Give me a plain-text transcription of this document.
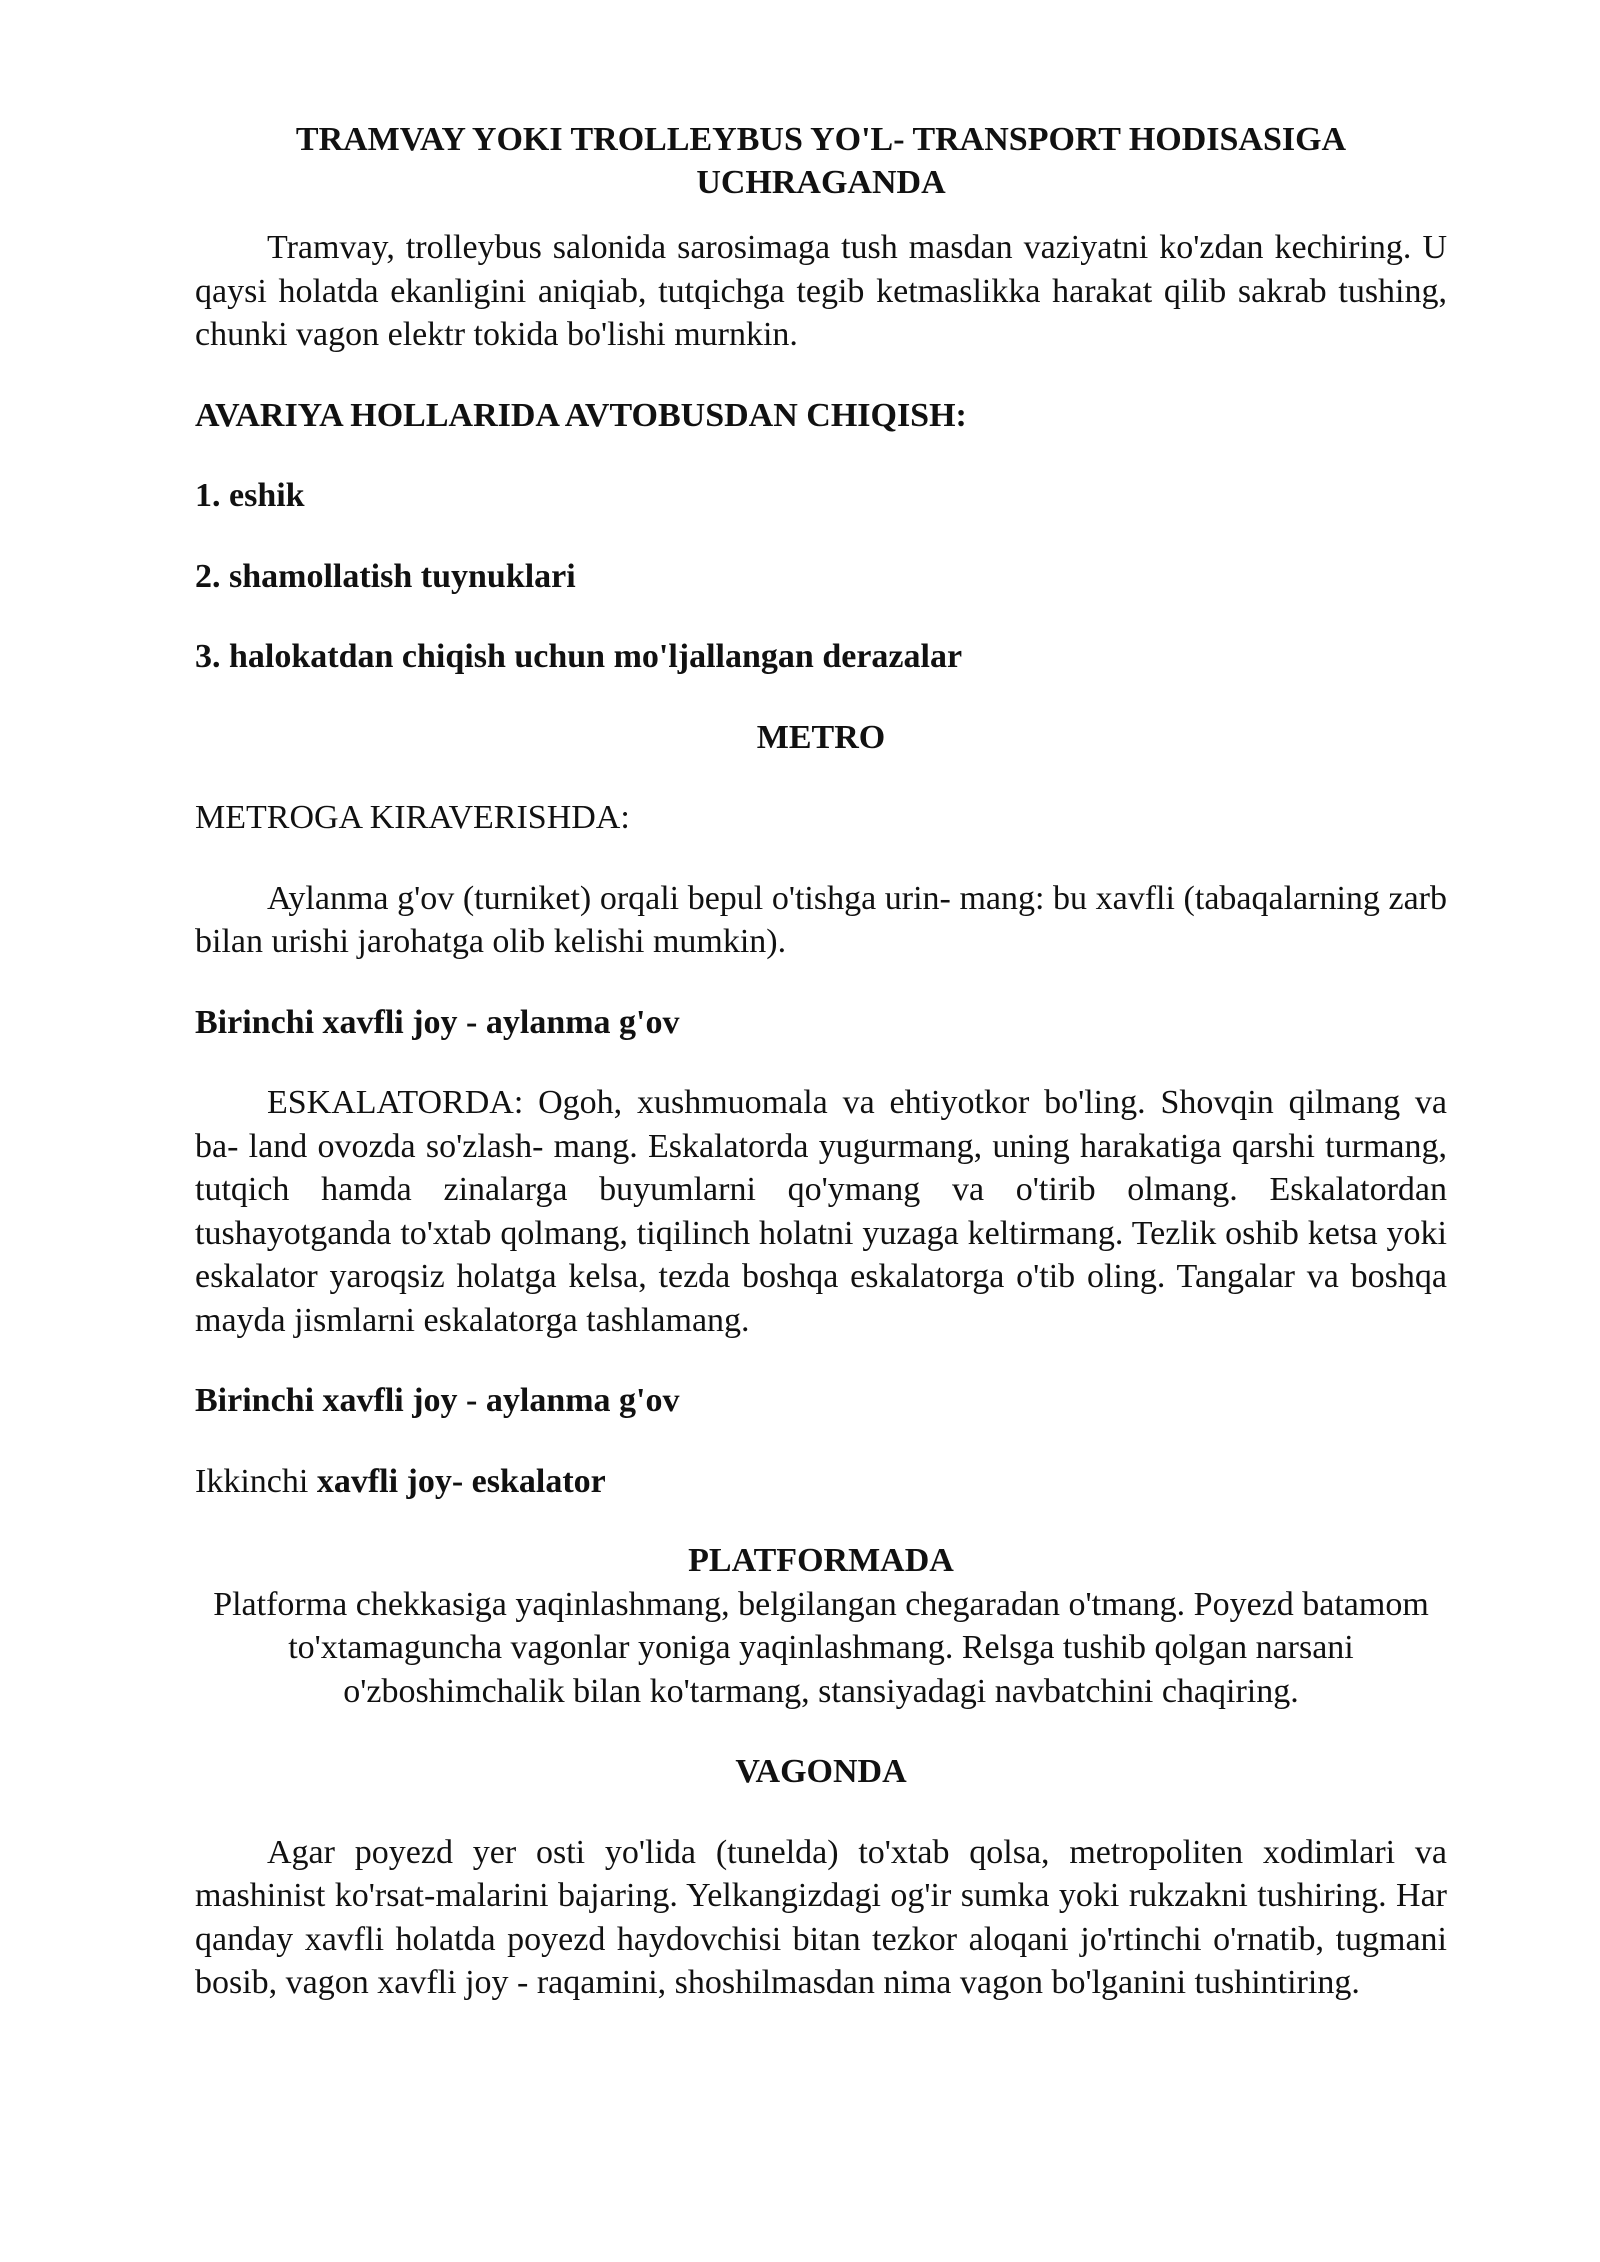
TRAMVAY YOKI TROLLEYBUS YO'L- TRANSPORT HODISASIGA UCHRAGANDA

Tramvay, trolleybus salonida sarosimaga tush masdan vaziyatni ko'zdan kechiring. U qaysi holatda ekanligini aniqiab, tutqichga tegib ketmaslikka harakat qilib sakrab tushing, chunki vagon elektr tokida bo'lishi murnkin.

AVARIYA HOLLARIDA AVTOBUSDAN CHIQISH:

1. eshik

2. shamollatish tuynuklari

3. halokatdan chiqish uchun mo'ljallangan derazalar

METRO

METROGA KIRAVERISHDA:

Aylanma g'ov (turniket) orqali bepul o'tishga urin- mang: bu xavfli (tabaqalarning zarb bilan urishi jarohatga olib kelishi mumkin).

Birinchi xavfli joy - aylanma g'ov

ESKALATORDA: Ogoh, xushmuomala va ehtiyotkor bo'ling. Shovqin qilmang va ba- land ovozda so'zlash- mang. Eskalatorda yugurmang, uning harakatiga qarshi turmang, tutqich hamda zinalarga buyumlarni qo'ymang va o'tirib olmang. Eskalatordan tushayotganda to'xtab qolmang, tiqilinch holatni yuzaga keltirmang. Tezlik oshib ketsa yoki eskalator yaroqsiz holatga kelsa, tezda boshqa eskalatorga o'tib oling. Tangalar va boshqa mayda jismlarni eskalatorga tashlamang.

Birinchi xavfli joy - aylanma g'ov

Ikkinchi xavfli joy- eskalator

PLATFORMADA

Platforma chekkasiga yaqinlashmang, belgilangan chegaradan o'tmang. Poyezd batamom to'xtamaguncha vagonlar yoniga yaqinlashmang. Relsga tushib qolgan narsani o'zboshimchalik bilan ko'tarmang, stansiyadagi navbatchini chaqiring.

VAGONDA

Agar poyezd yer osti yo'lida (tunelda) to'xtab qolsa, metropoliten xodimlari va mashinist ko'rsat-malarini bajaring. Yelkangizdagi og'ir sumka yoki rukzakni tushiring. Har qanday xavfli holatda poyezd haydovchisi bitan tezkor aloqani jo'rtinchi o'rnatib, tugmani bosib, vagon xavfli joy - raqamini, shoshilmasdan nima vagon bo'lganini tushintiring.
